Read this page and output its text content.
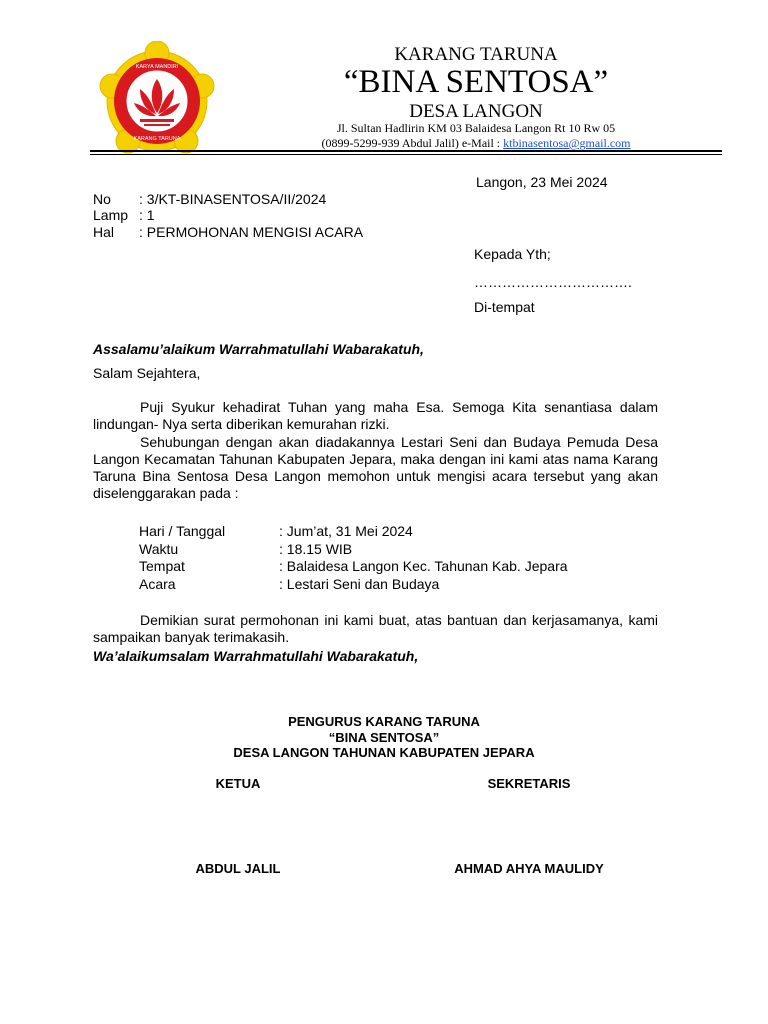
KARYA MANDIRI
KARANG TARUNA
KARANG TARUNA
“BINA SENTOSA”
DESA LANGON
Jl. Sultan Hadlirin KM 03 Balaidesa Langon Rt 10 Rw 05
(0899-5299-939 Abdul Jalil) e-Mail : ktbinasentosa@gmail.com
Langon, 23 Mei 2024
No : 3/KT-BINASENTOSA/II/2024
Lamp : 1
Hal : PERMOHONAN MENGISI ACARA
Kepada Yth;
…………………………….
Di-tempat
Assalamu’alaikum Warrahmatullahi Wabarakatuh,
Salam Sejahtera,
Puji Syukur kehadirat Tuhan yang maha Esa. Semoga Kita senantiasa dalam lindungan- Nya serta diberikan kemurahan rizki.
Sehubungan dengan akan diadakannya Lestari Seni dan Budaya Pemuda Desa Langon Kecamatan Tahunan Kabupaten Jepara, maka dengan ini kami atas nama Karang Taruna Bina Sentosa Desa Langon memohon untuk mengisi acara tersebut yang akan diselenggarakan pada :
Hari / Tanggal	: Jum’at, 31 Mei 2024
Waktu	: 18.15 WIB
Tempat	: Balaidesa Langon Kec. Tahunan Kab. Jepara
Acara	: Lestari Seni dan Budaya
Demikian surat permohonan ini kami buat, atas bantuan dan kerjasamanya, kami sampaikan banyak terimakasih.
Wa’alaikumsalam Warrahmatullahi Wabarakatuh,
PENGURUS KARANG TARUNA
“BINA SENTOSA”
DESA LANGON TAHUNAN KABUPATEN JEPARA
KETUA	SEKRETARIS
ABDUL JALIL	AHMAD AHYA MAULIDY
